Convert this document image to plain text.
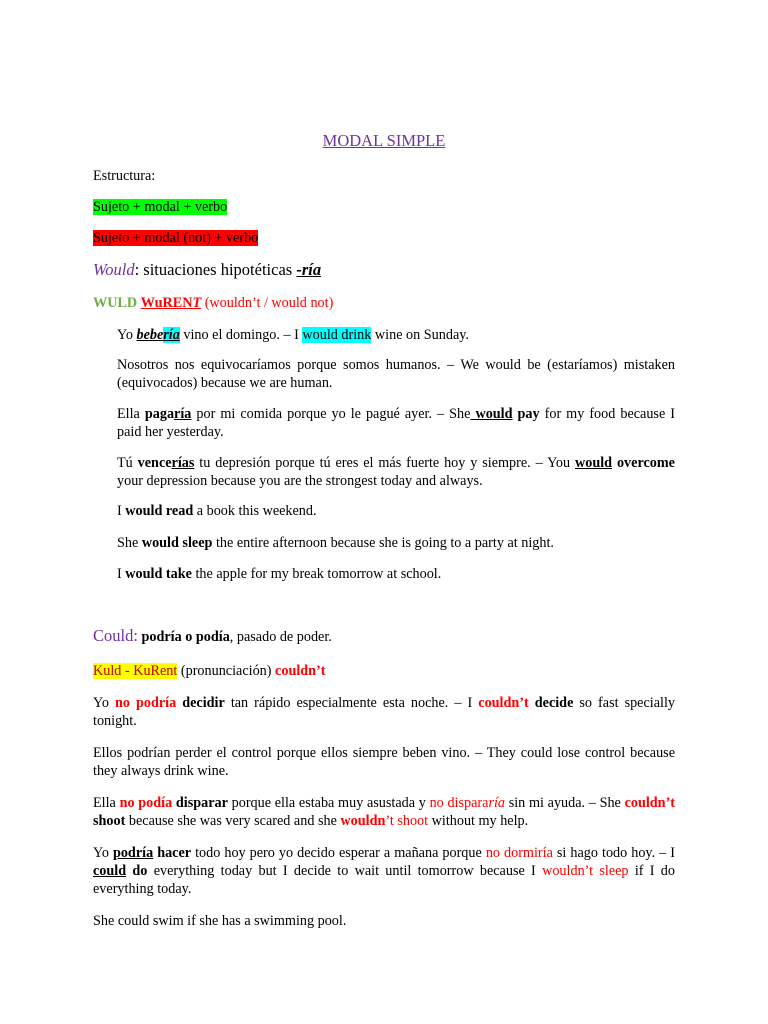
MODAL SIMPLE

Estructura:

Sujeto + modal + verbo

Sujeto + modal (not) + verbo

Would: situaciones hipotéticas -ría

WULD WuRENT (wouldn’t / would not)

Yo bebería vino el domingo. – I would drink wine on Sunday.

Nosotros nos equivocaríamos porque somos humanos. – We would be (estaríamos) mistaken (equivocados) because we are human.

Ella pagaría por mi comida porque yo le pagué ayer. – She would pay for my food because I paid her yesterday.

Tú vencerías tu depresión porque tú eres el más fuerte hoy y siempre. – You would overcome your depression because you are the strongest today and always.

I would read a book this weekend.

She would sleep the entire afternoon because she is going to a party at night.

I would take the apple for my break tomorrow at school.

Could: podría o podía, pasado de poder.

Kuld - KuRent (pronunciación) couldn’t

Yo no podría decidir tan rápido especialmente esta noche. – I couldn’t decide so fast specially tonight.

Ellos podrían perder el control porque ellos siempre beben vino. – They could lose control because they always drink wine.

Ella no podía disparar porque ella estaba muy asustada y no dispararía sin mi ayuda. – She couldn’t shoot because she was very scared and she wouldn’t shoot without my help.

Yo podría hacer todo hoy pero yo decido esperar a mañana porque no dormiría si hago todo hoy. – I could do everything today but I decide to wait until tomorrow because I wouldn’t sleep if I do everything today.

She could swim if she has a swimming pool.
